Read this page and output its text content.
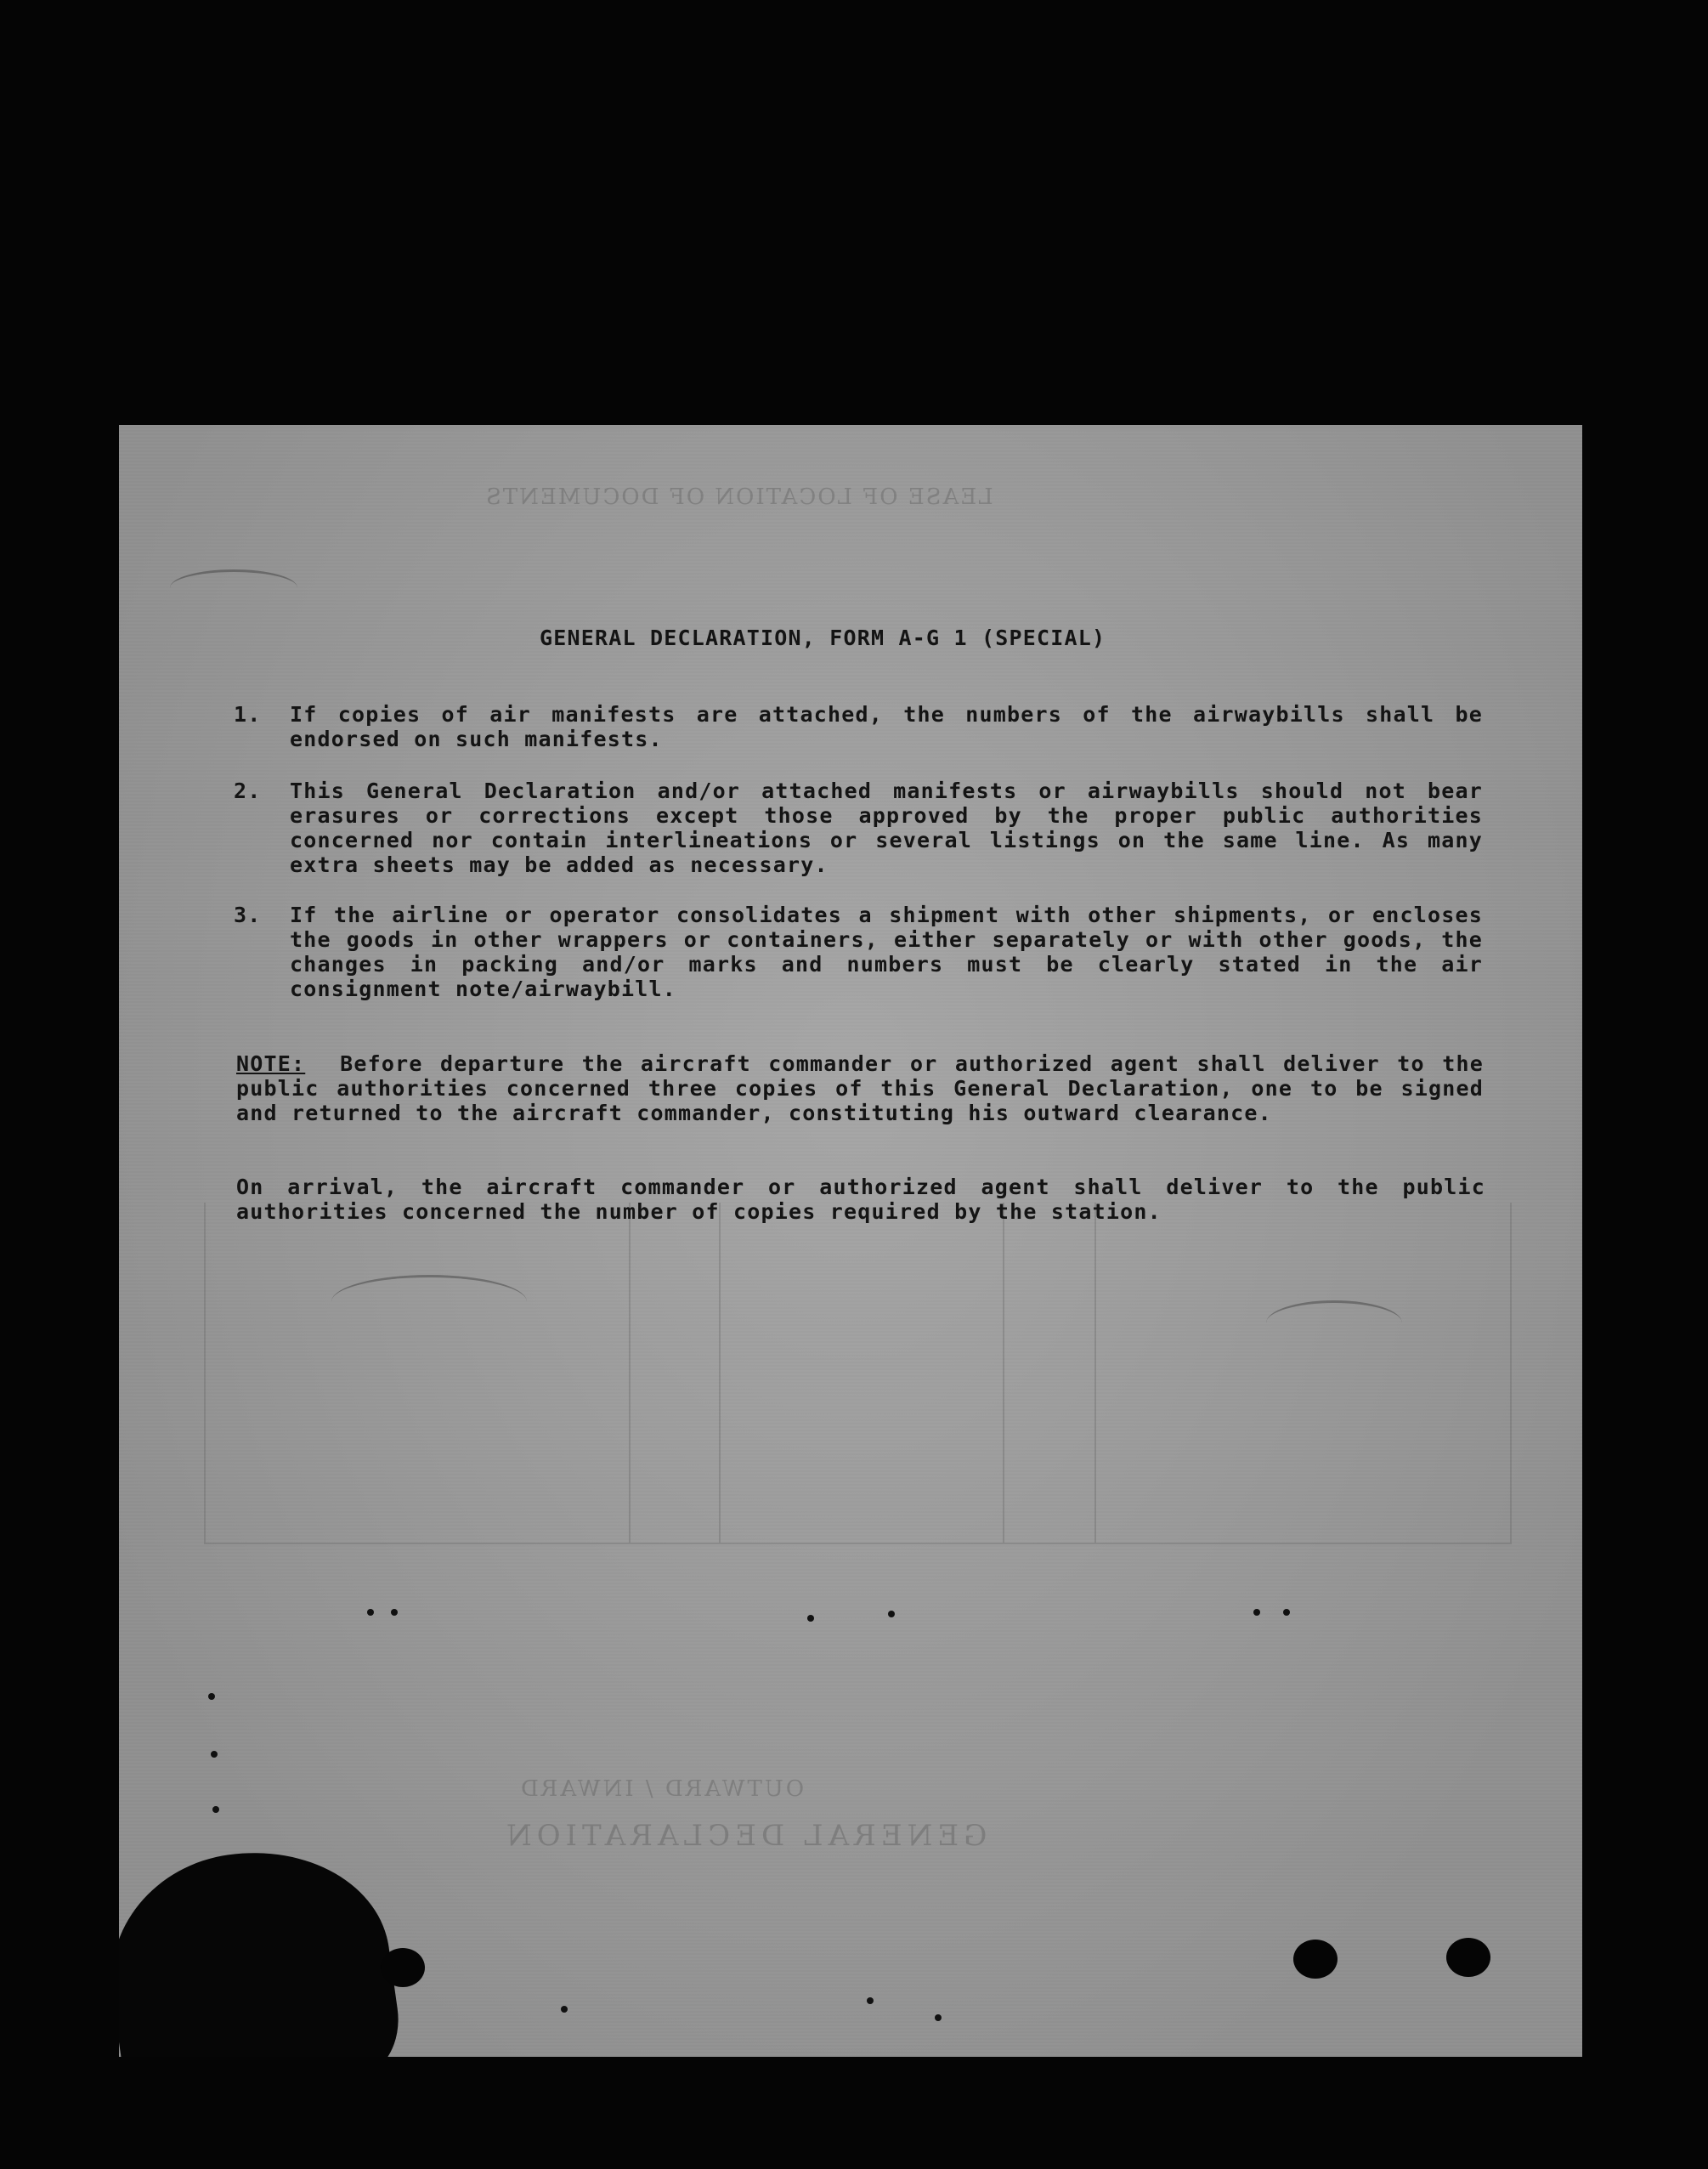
LEASE OF LOCATION OF DOCUMENTS
OUTWARD / INWARD
GENERAL DECLARATION
GENERAL DECLARATION, FORM A-G 1 (SPECIAL)
1. If copies of air manifests are attached, the numbers of the airwaybills shall be endorsed on such manifests.
2. This General Declaration and/or attached manifests or airwaybills should not bear erasures or corrections except those approved by the proper public authorities concerned nor contain interlineations or several listings on the same line. As many extra sheets may be added as necessary.
3. If the airline or operator consolidates a shipment with other shipments, or encloses the goods in other wrappers or containers, either separately or with other goods, the changes in packing and/or marks and numbers must be clearly stated in the air consignment note/airwaybill.
NOTE: Before departure the aircraft commander or authorized agent shall deliver to the public authorities concerned three copies of this General Declaration, one to be signed and returned to the aircraft commander, constituting his outward clearance.
On arrival, the aircraft commander or authorized agent shall deliver to the public authorities concerned the number of copies required by the station.
